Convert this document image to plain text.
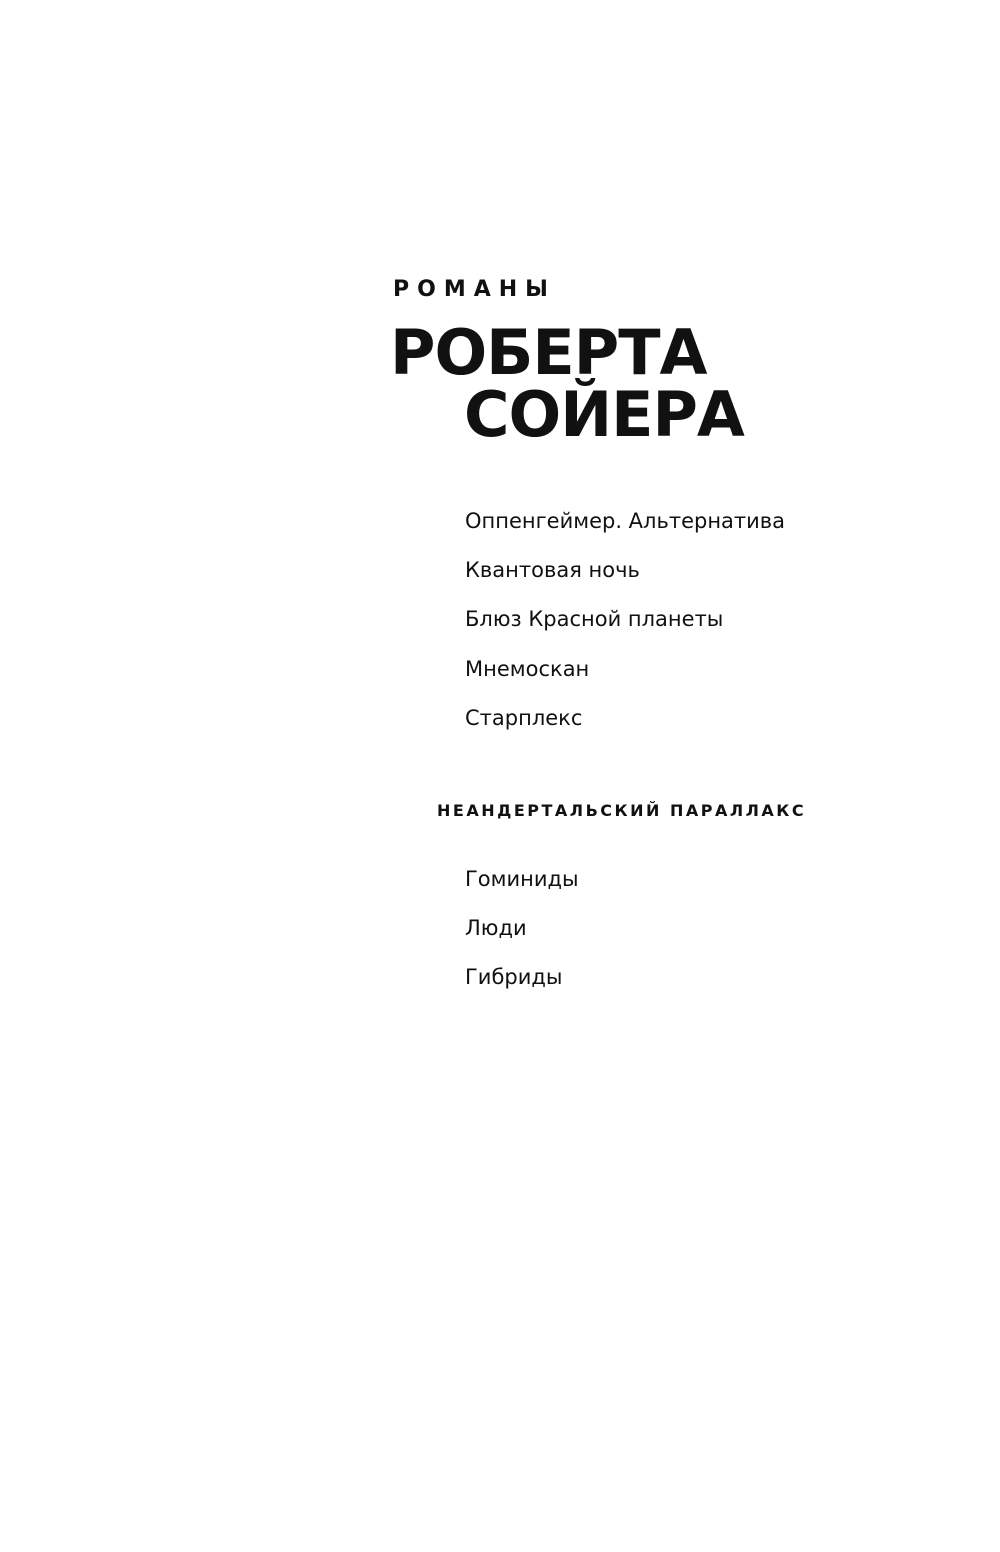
РОМАНЫ

РОБЕРТА
СОЙЕРА
Оппенгеймер. Альтернатива
Квантовая ночь
Блюз Красной планеты
Мнемоскан
Старплекс
НЕАНДЕРТАЛЬСКИЙ ПАРАЛЛАКС
Гоминиды
Люди
Гибриды
